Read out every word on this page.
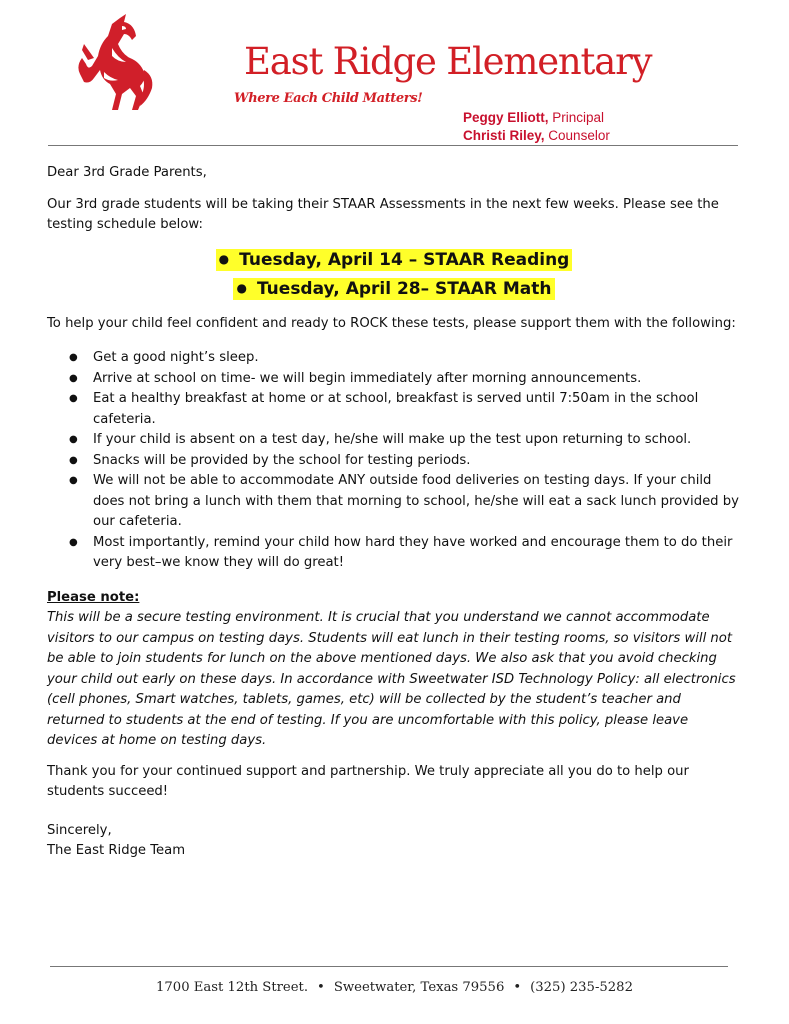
East Ridge Elementary
Where Each Child Matters!
Peggy Elliott, Principal
Christi Riley, Counselor

Dear 3rd Grade Parents,

Our 3rd grade students will be taking their STAAR Assessments in the next few weeks. Please see the testing schedule below:

● Tuesday, April 14 – STAAR Reading
● Tuesday, April 28– STAAR Math

To help your child feel confident and ready to ROCK these tests, please support them with the following:

● Get a good night’s sleep.
● Arrive at school on time- we will begin immediately after morning announcements.
● Eat a healthy breakfast at home or at school, breakfast is served until 7:50am in the school cafeteria.
● If your child is absent on a test day, he/she will make up the test upon returning to school.
● Snacks will be provided by the school for testing periods.
● We will not be able to accommodate ANY outside food deliveries on testing days. If your child does not bring a lunch with them that morning to school, he/she will eat a sack lunch provided by our cafeteria.
● Most importantly, remind your child how hard they have worked and encourage them to do their very best–we know they will do great!

Please note:

This will be a secure testing environment. It is crucial that you understand we cannot accommodate visitors to our campus on testing days. Students will eat lunch in their testing rooms, so visitors will not be able to join students for lunch on the above mentioned days. We also ask that you avoid checking your child out early on these days. In accordance with Sweetwater ISD Technology Policy: all electronics (cell phones, Smart watches, tablets, games, etc) will be collected by the student’s teacher and returned to students at the end of testing. If you are uncomfortable with this policy, please leave devices at home on testing days.

Thank you for your continued support and partnership. We truly appreciate all you do to help our students succeed!

Sincerely,

The East Ridge Team

1700 East 12th Street. • Sweetwater, Texas 79556 • (325) 235-5282
